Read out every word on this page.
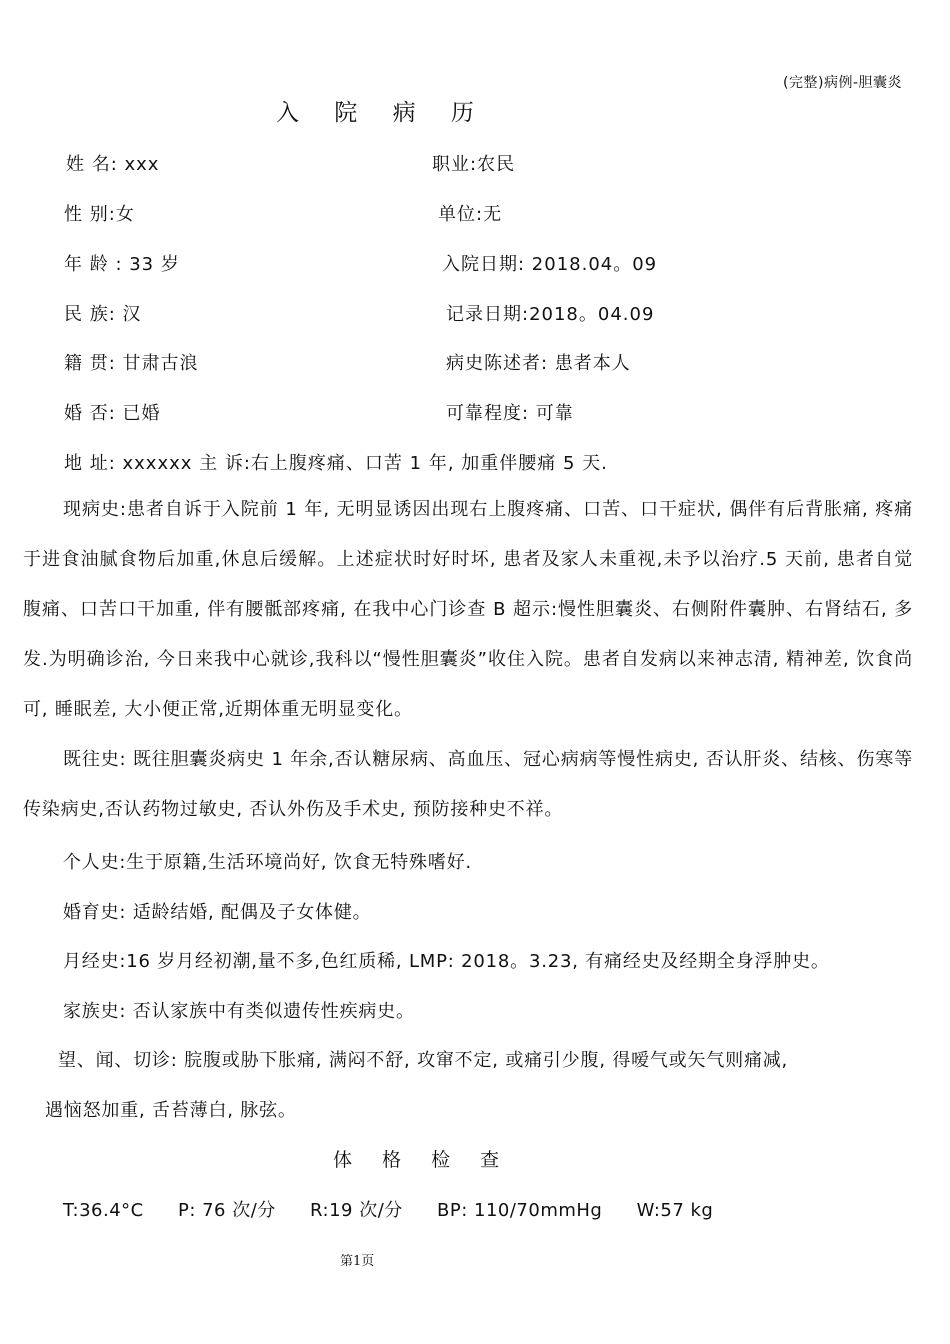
(完整)病例-胆囊炎
入 院 病 历
姓 名: xxx	职业:农民
性 别:女	单位:无
年 龄 : 33 岁	入院日期: 2018.04。09
民 族: 汉	记录日期:2018。04.09
籍 贯: 甘肃古浪	病史陈述者: 患者本人
婚 否: 已婚	可靠程度: 可靠
地 址: xxxxxx 主 诉:右上腹疼痛、口苦 1 年, 加重伴腰痛 5 天.

现病史:患者自诉于入院前 1 年, 无明显诱因出现右上腹疼痛、口苦、口干症状, 偶伴有后背胀痛, 疼痛于进食油腻食物后加重,休息后缓解。上述症状时好时坏, 患者及家人未重视,未予以治疗.5 天前, 患者自觉腹痛、口苦口干加重, 伴有腰骶部疼痛, 在我中心门诊查 B 超示:慢性胆囊炎、右侧附件囊肿、右肾结石, 多发.为明确诊治, 今日来我中心就诊,我科以“慢性胆囊炎”收住入院。患者自发病以来神志清, 精神差, 饮食尚可, 睡眠差, 大小便正常,近期体重无明显变化。

既往史: 既往胆囊炎病史 1 年余,否认糖尿病、高血压、冠心病病等慢性病史, 否认肝炎、结核、伤寒等传染病史,否认药物过敏史, 否认外伤及手术史, 预防接种史不祥。

个人史:生于原籍,生活环境尚好, 饮食无特殊嗜好.
婚育史: 适龄结婚, 配偶及子女体健。
月经史:16 岁月经初潮,量不多,色红质稀, LMP: 2018。3.23, 有痛经史及经期全身浮肿史。
家族史: 否认家族中有类似遗传性疾病史。
望、闻、切诊: 脘腹或胁下胀痛, 满闷不舒, 攻窜不定, 或痛引少腹, 得嗳气或矢气则痛减,
遇恼怒加重, 舌苔薄白, 脉弦。
体 格 检 查
T:36.4°C P: 76 次/分 R:19 次/分 BP: 110/70mmHg W:57 kg
第1页
